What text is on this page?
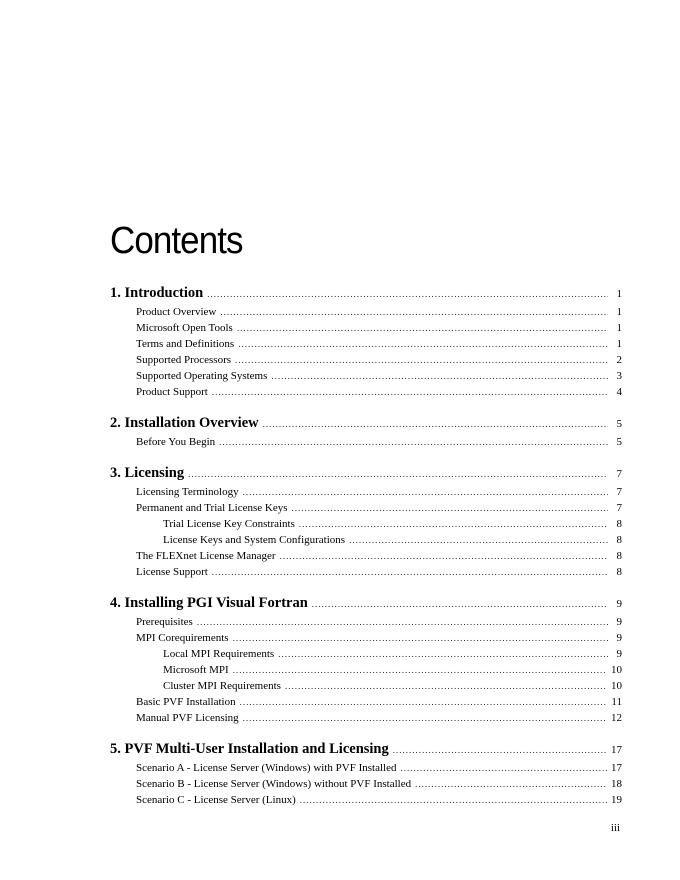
Contents
1. Introduction .....	1
Product Overview .....	1
Microsoft Open Tools .....	1
Terms and Definitions .....	1
Supported Processors .....	2
Supported Operating Systems .....	3
Product Support .....	4
2. Installation Overview .....	5
Before You Begin .....	5
3. Licensing .....	7
Licensing Terminology .....	7
Permanent and Trial License Keys .....	7
Trial License Key Constraints .....	8
License Keys and System Configurations .....	8
The FLEXnet License Manager .....	8
License Support .....	8
4. Installing PGI Visual Fortran .....	9
Prerequisites .....	9
MPI Corequirements .....	9
Local MPI Requirements .....	9
Microsoft MPI .....	10
Cluster MPI Requirements .....	10
Basic PVF Installation .....	11
Manual PVF Licensing .....	12
5. PVF Multi-User Installation and Licensing .....	17
Scenario A - License Server (Windows) with PVF Installed .....	17
Scenario B - License Server (Windows) without PVF Installed .....	18
Scenario C - License Server (Linux) .....	19
iii
